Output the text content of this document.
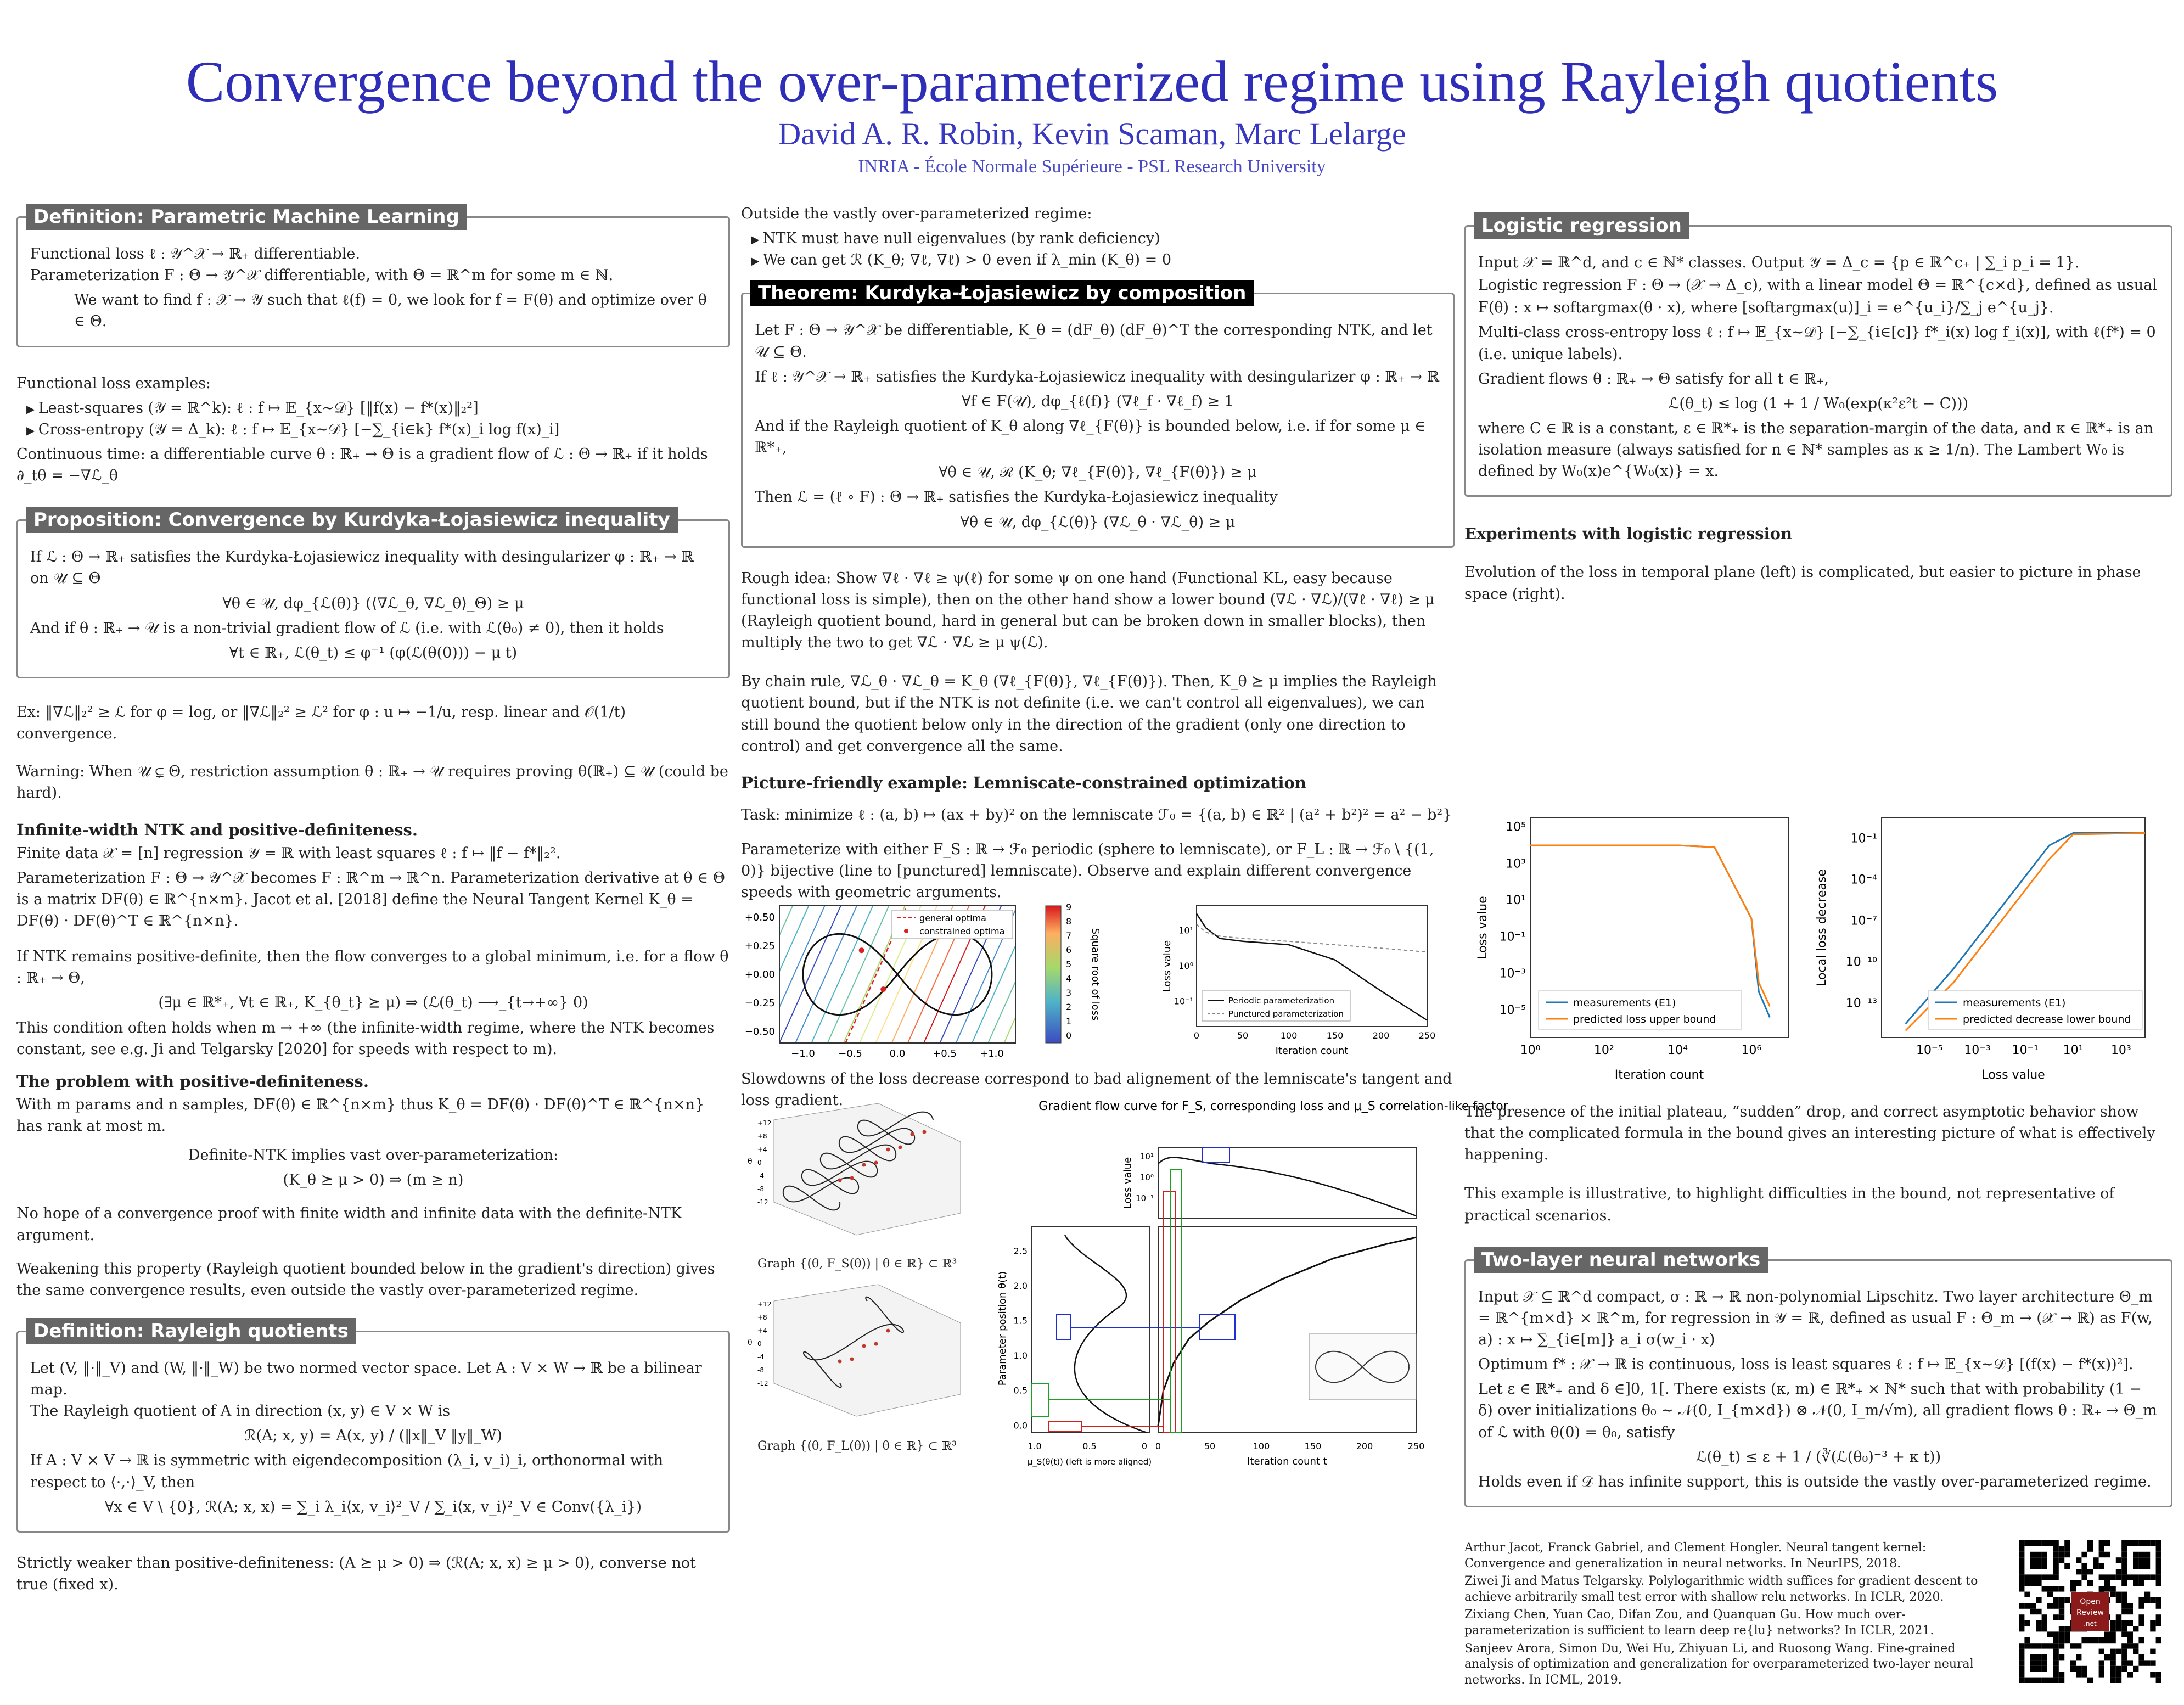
Convergence beyond the over-parameterized regime using Rayleigh quotients
David A. R. Robin, Kevin Scaman, Marc Lelarge
INRIA - École Normale Supérieure - PSL Research University
Definition: Parametric Machine Learning

Functional loss ℓ : 𝒴^𝒳 → ℝ₊ differentiable.

Parameterization F : Θ → 𝒴^𝒳 differentiable, with Θ = ℝ^m for some m ∈ ℕ.

We want to find f : 𝒳 → 𝒴 such that ℓ(f) = 0, we look for f = F(θ) and optimize over θ ∈ Θ.

Functional loss examples:

▶ Least-squares (𝒴 = ℝ^k): ℓ : f ↦ 𝔼_{x∼𝒟} [‖f(x) − f*(x)‖₂²]
▶ Cross-entropy (𝒴 = Δ_k): ℓ : f ↦ 𝔼_{x∼𝒟} [−∑_{i∈k} f*(x)_i log f(x)_i]

Continuous time: a differentiable curve θ : ℝ₊ → Θ is a gradient flow of ℒ : Θ → ℝ₊ if it holds ∂_tθ = −∇ℒ_θ

Proposition: Convergence by Kurdyka-Łojasiewicz inequality

If ℒ : Θ → ℝ₊ satisfies the Kurdyka-Łojasiewicz inequality with desingularizer φ : ℝ₊ → ℝ on 𝒰 ⊆ Θ

∀θ ∈ 𝒰, dφ_{ℒ(θ)} (⟨∇ℒ_θ, ∇ℒ_θ⟩_Θ) ≥ μ

And if θ : ℝ₊ → 𝒰 is a non-trivial gradient flow of ℒ (i.e. with ℒ(θ₀) ≠ 0), then it holds

∀t ∈ ℝ₊, ℒ(θ_t) ≤ φ⁻¹ (φ(ℒ(θ(0))) − μ t)

Ex: ‖∇ℒ‖₂² ≥ ℒ for φ = log, or ‖∇ℒ‖₂² ≥ ℒ² for φ : u ↦ −1/u, resp. linear and 𝒪(1/t) convergence.

Warning: When 𝒰 ⊊ Θ, restriction assumption θ : ℝ₊ → 𝒰 requires proving θ(ℝ₊) ⊆ 𝒰 (could be hard).

Infinite-width NTK and positive-definiteness.

Finite data 𝒳 = [n] regression 𝒴 = ℝ with least squares ℓ : f ↦ ‖f − f*‖₂².

Parameterization F : Θ → 𝒴^𝒳 becomes F : ℝ^m → ℝ^n. Parameterization derivative at θ ∈ Θ is a matrix DF(θ) ∈ ℝ^{n×m}. Jacot et al. [2018] define the Neural Tangent Kernel K_θ = DF(θ) · DF(θ)^T ∈ ℝ^{n×n}.

If NTK remains positive-definite, then the flow converges to a global minimum, i.e. for a flow θ : ℝ₊ → Θ,

(∃μ ∈ ℝ*₊, ∀t ∈ ℝ₊, K_{θ_t} ⪰ μ) ⇒ (ℒ(θ_t) ⟶_{t→+∞} 0)

This condition often holds when m → +∞ (the infinite-width regime, where the NTK becomes constant, see e.g. Ji and Telgarsky [2020] for speeds with respect to m).

The problem with positive-definiteness.

With m params and n samples, DF(θ) ∈ ℝ^{n×m} thus K_θ = DF(θ) · DF(θ)^T ∈ ℝ^{n×n} has rank at most m.

Definite-NTK implies vast over-parameterization:

(K_θ ⪰ μ > 0) ⇒ (m ≥ n)

No hope of a convergence proof with finite width and infinite data with the definite-NTK argument.

Weakening this property (Rayleigh quotient bounded below in the gradient's direction) gives the same convergence results, even outside the vastly over-parameterized regime.

Definition: Rayleigh quotients

Let (V, ‖·‖_V) and (W, ‖·‖_W) be two normed vector space. Let A : V × W → ℝ be a bilinear map.

The Rayleigh quotient of A in direction (x, y) ∈ V × W is

ℛ(A; x, y) = A(x, y) / (‖x‖_V ‖y‖_W)

If A : V × V → ℝ is symmetric with eigendecomposition (λ_i, v_i)_i, orthonormal with respect to ⟨·,·⟩_V, then

∀x ∈ V \ {0}, ℛ(A; x, x) = ∑_i λ_i⟨x, v_i⟩²_V / ∑_i⟨x, v_i⟩²_V ∈ Conv({λ_i})

Strictly weaker than positive-definiteness: (A ⪰ μ > 0) ⇒ (ℛ(A; x, x) ≥ μ > 0), converse not true (fixed x).

Outside the vastly over-parameterized regime:

▶ NTK must have null eigenvalues (by rank deficiency)
▶ We can get ℛ (K_θ; ∇ℓ, ∇ℓ) > 0 even if λ_min (K_θ) = 0
Theorem: Kurdyka-Łojasiewicz by composition

Let F : Θ → 𝒴^𝒳 be differentiable, K_θ = (dF_θ) (dF_θ)^T the corresponding NTK, and let 𝒰 ⊆ Θ.

If ℓ : 𝒴^𝒳 → ℝ₊ satisfies the Kurdyka-Łojasiewicz inequality with desingularizer φ : ℝ₊ → ℝ

∀f ∈ F(𝒰), dφ_{ℓ(f)} (∇ℓ_f · ∇ℓ_f) ≥ 1

And if the Rayleigh quotient of K_θ along ∇ℓ_{F(θ)} is bounded below, i.e. if for some μ ∈ ℝ*₊,

∀θ ∈ 𝒰, ℛ (K_θ; ∇ℓ_{F(θ)}, ∇ℓ_{F(θ)}) ≥ μ

Then ℒ = (ℓ ∘ F) : Θ → ℝ₊ satisfies the Kurdyka-Łojasiewicz inequality

∀θ ∈ 𝒰, dφ_{ℒ(θ)} (∇ℒ_θ · ∇ℒ_θ) ≥ μ

Rough idea: Show ∇ℓ · ∇ℓ ≥ ψ(ℓ) for some ψ on one hand (Functional KL, easy because functional loss is simple), then on the other hand show a lower bound (∇ℒ · ∇ℒ)/(∇ℓ · ∇ℓ) ≥ μ (Rayleigh quotient bound, hard in general but can be broken down in smaller blocks), then multiply the two to get ∇ℒ · ∇ℒ ≥ μ ψ(ℒ).

By chain rule, ∇ℒ_θ · ∇ℒ_θ = K_θ (∇ℓ_{F(θ)}, ∇ℓ_{F(θ)}). Then, K_θ ⪰ μ implies the Rayleigh quotient bound, but if the NTK is not definite (i.e. we can't control all eigenvalues), we can still bound the quotient below only in the direction of the gradient (only one direction to control) and get convergence all the same.

Picture-friendly example: Lemniscate-constrained optimization

Task: minimize ℓ : (a, b) ↦ (ax + by)² on the lemniscate ℱ₀ = {(a, b) ∈ ℝ² | (a² + b²)² = a² − b²}

Parameterize with either F_S : ℝ → ℱ₀ periodic (sphere to lemniscate), or F_L : ℝ → ℱ₀ \ {(1, 0)} bijective (line to [punctured] lemniscate). Observe and explain different convergence speeds with geometric arguments.

−1.0 −0.5	0.0	+0.5 +1.0
+0.50
+0.25
+0.00
−0.25
−0.50
9
8
7
6
5
4
3
2
1
0
Square root of loss
general optima
constrained optima
0	50	100	150	200	250
10¹
10⁰
10⁻¹
Loss value
Iteration count
Periodic parameterization
Punctured parameterization

Slowdowns of the loss decrease correspond to bad alignement of the lemniscate's tangent and loss gradient.

+12
+8
+4
0
-4
-8
-12
θ
Graph {(θ, F_S(θ)) | θ ∈ ℝ} ⊂ ℝ³
+12
+8
+4
0
-4
-8
-12
θ
Graph {(θ, F_L(θ)) | θ ∈ ℝ} ⊂ ℝ³
Gradient flow curve for F_S, corresponding loss and μ_S correlation-like factor
0	50	100	150	200	250
2.5
2.0
1.5
1.0
0.5
0.0
10¹
10⁰
10⁻¹
1.0	0.5	0
Loss value
Parameter position θ(t)
Iteration count t
μ_S(θ(t)) (left is more aligned)
Logistic regression

Input 𝒳 = ℝ^d, and c ∈ ℕ* classes. Output 𝒴 = Δ_c = {p ∈ ℝ^c₊ | ∑_i p_i = 1}.

Logistic regression F : Θ → (𝒳 → Δ_c), with a linear model Θ = ℝ^{c×d}, defined as usual

F(θ) : x ↦ softargmax(θ · x), where [softargmax(u)]_i = e^{u_i}/∑_j e^{u_j}.

Multi-class cross-entropy loss ℓ : f ↦ 𝔼_{x∼𝒟} [−∑_{i∈[c]} f*_i(x) log f_i(x)], with ℓ(f*) = 0 (i.e. unique labels).

Gradient flows θ : ℝ₊ → Θ satisfy for all t ∈ ℝ₊,

ℒ(θ_t) ≤ log (1 + 1 / W₀(exp(κ²ε²t − C)))

where C ∈ ℝ is a constant, ε ∈ ℝ*₊ is the separation-margin of the data, and κ ∈ ℝ*₊ is an isolation measure (always satisfied for n ∈ ℕ* samples as κ ≥ 1/n). The Lambert W₀ is defined by W₀(x)e^{W₀(x)} = x.

Experiments with logistic regression

Evolution of the loss in temporal plane (left) is complicated, but easier to picture in phase space (right).

10⁰	10²	10⁴	10⁶
10⁵
10³
10¹
10⁻¹
10⁻³
10⁻⁵
Loss value
Iteration count
measurements (E1)
predicted loss upper bound
10⁻⁵ 10⁻³ 10⁻¹ 10¹ 10³
10⁻¹
10⁻⁴
10⁻⁷
10⁻¹⁰
10⁻¹³
Local loss decrease
Loss value
measurements (E1)
predicted decrease lower bound

The presence of the initial plateau, “sudden” drop, and correct asymptotic behavior show that the complicated formula in the bound gives an interesting picture of what is effectively happening.

This example is illustrative, to highlight difficulties in the bound, not representative of practical scenarios.

Two-layer neural networks

Input 𝒳 ⊆ ℝ^d compact, σ : ℝ → ℝ non-polynomial Lipschitz. Two layer architecture Θ_m = ℝ^{m×d} × ℝ^m, for regression in 𝒴 = ℝ, defined as usual F : Θ_m → (𝒳 → ℝ) as F(w, a) : x ↦ ∑_{i∈[m]} a_i σ(w_i · x)

Optimum f* : 𝒳 → ℝ is continuous, loss is least squares ℓ : f ↦ 𝔼_{x∼𝒟} [(f(x) − f*(x))²].

Let ε ∈ ℝ*₊ and δ ∈]0, 1[. There exists (κ, m) ∈ ℝ*₊ × ℕ* such that with probability (1 − δ) over initializations θ₀ ∼ 𝒩(0, I_{m×d}) ⊗ 𝒩(0, I_m/√m), all gradient flows θ : ℝ₊ → Θ_m of ℒ with θ(0) = θ₀, satisfy

ℒ(θ_t) ≤ ε + 1 / (∛(ℒ(θ₀)⁻³ + κ t))

Holds even if 𝒟 has infinite support, this is outside the vastly over-parameterized regime.

Arthur Jacot, Franck Gabriel, and Clement Hongler. Neural tangent kernel: Convergence and generalization in neural networks. In NeurIPS, 2018.
Ziwei Ji and Matus Telgarsky. Polylogarithmic width suffices for gradient descent to achieve arbitrarily small test error with shallow relu networks. In ICLR, 2020.
Zixiang Chen, Yuan Cao, Difan Zou, and Quanquan Gu. How much over-parameterization is sufficient to learn deep re{lu} networks? In ICLR, 2021.
Sanjeev Arora, Simon Du, Wei Hu, Zhiyuan Li, and Ruosong Wang. Fine-grained analysis of optimization and generalization for overparameterized two-layer neural networks. In ICML, 2019.
Open
Review
.net
